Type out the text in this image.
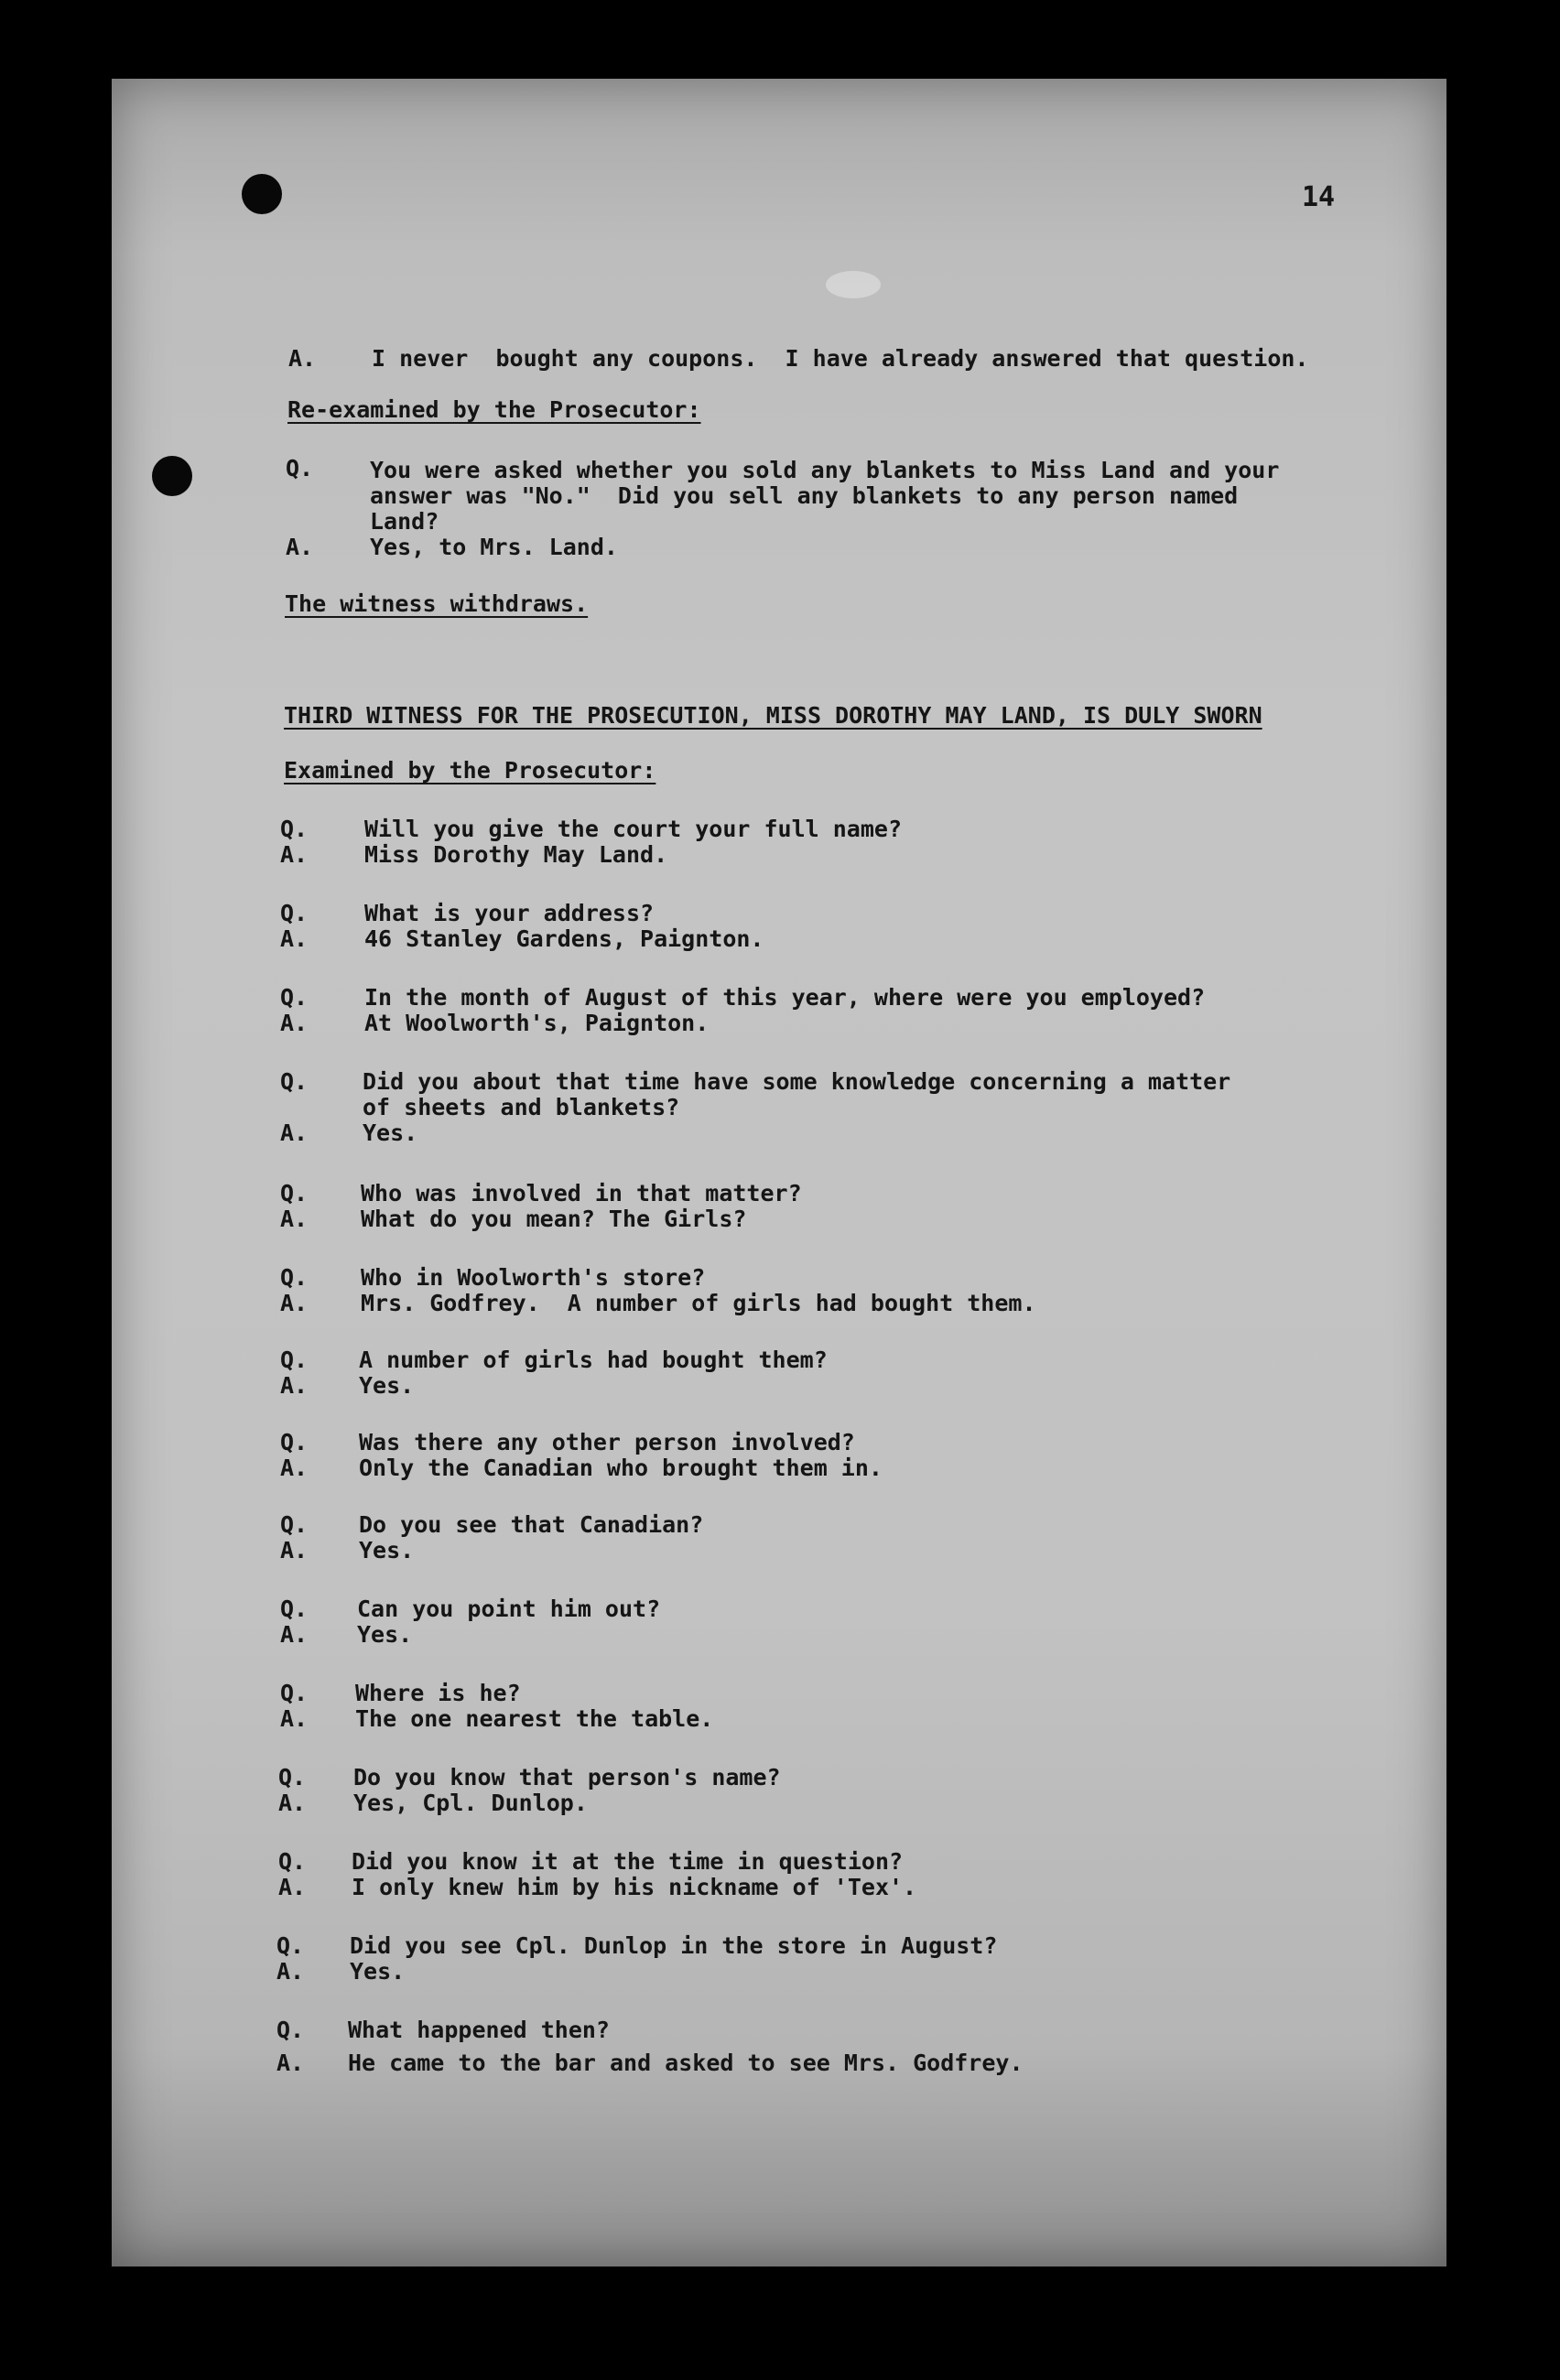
14
A.	I never  bought any coupons.  I have already answered that question.
Re-examined by the Prosecutor:
Q.	You were asked whether you sold any blankets to Miss Land and your
answer was "No."  Did you sell any blankets to any person named
Land?
A.	Yes, to Mrs. Land.
The witness withdraws.
THIRD WITNESS FOR THE PROSECUTION, MISS DOROTHY MAY LAND, IS DULY SWORN
Examined by the Prosecutor:
Q.	Will you give the court your full name?
A.	Miss Dorothy May Land.
Q.	What is your address?
A.	46 Stanley Gardens, Paignton.
Q.	In the month of August of this year, where were you employed?
A.	At Woolworth's, Paignton.
Q.	Did you about that time have some knowledge concerning a matter
of sheets and blankets?
A.	Yes.
Q.	Who was involved in that matter?
A.	What do you mean? The Girls?
Q.	Who in Woolworth's store?
A.	Mrs. Godfrey.  A number of girls had bought them.
Q.	A number of girls had bought them?
A.	Yes.
Q.	Was there any other person involved?
A.	Only the Canadian who brought them in.
Q.	Do you see that Canadian?
A.	Yes.
Q.	Can you point him out?
A.	Yes.
Q.	Where is he?
A.	The one nearest the table.
Q.	Do you know that person's name?
A.	Yes, Cpl. Dunlop.
Q.	Did you know it at the time in question?
A.	I only knew him by his nickname of 'Tex'.
Q.	Did you see Cpl. Dunlop in the store in August?
A.	Yes.
Q.	What happened then?
A.	He came to the bar and asked to see Mrs. Godfrey.
